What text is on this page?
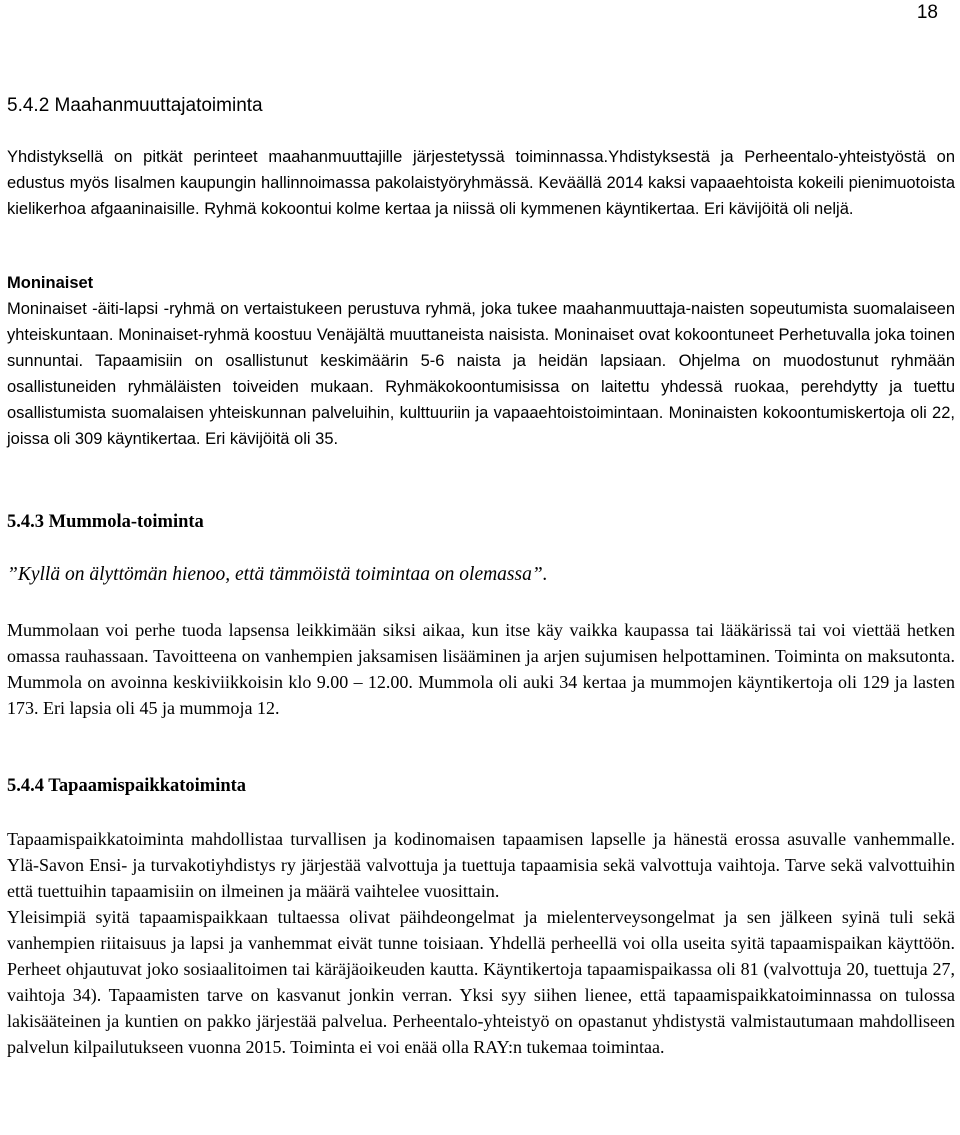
18
5.4.2 Maahanmuuttajatoiminta

Yhdistyksellä on pitkät perinteet maahanmuuttajille järjestetyssä toiminnassa.Yhdistyksestä ja Perheentalo-yhteistyöstä on edustus myös Iisalmen kaupungin hallinnoimassa pakolaistyöryhmässä. Keväällä 2014 kaksi vapaaehtoista kokeili pienimuotoista kielikerhoa afgaaninaisille. Ryhmä kokoontui kolme kertaa ja niissä oli kymmenen käyntikertaa. Eri kävijöitä oli neljä.

Moninaiset

Moninaiset -äiti-lapsi -ryhmä on vertaistukeen perustuva ryhmä, joka tukee maahanmuuttaja-naisten sopeutumista suomalaiseen yhteiskuntaan. Moninaiset-ryhmä koostuu Venäjältä muuttaneista naisista. Moninaiset ovat kokoontuneet Perhetuvalla joka toinen sunnuntai. Tapaamisiin on osallistunut keskimäärin 5-6 naista ja heidän lapsiaan. Ohjelma on muodostunut ryhmään osallistuneiden ryhmäläisten toiveiden mukaan. Ryhmäkokoontumisissa on laitettu yhdessä ruokaa, perehdytty ja tuettu osallistumista suomalaisen yhteiskunnan palveluihin, kulttuuriin ja vapaaehtoistoimintaan. Moninaisten kokoontumiskertoja oli 22, joissa oli 309 käyntikertaa. Eri kävijöitä oli 35.

5.4.3 Mummola-toiminta

”Kyllä on älyttömän hienoo, että tämmöistä toimintaa on olemassa”.

Mummolaan voi perhe tuoda lapsensa leikkimään siksi aikaa, kun itse käy vaikka kaupassa tai lääkärissä tai voi viettää hetken omassa rauhassaan. Tavoitteena on vanhempien jaksamisen lisääminen ja arjen sujumisen helpottaminen. Toiminta on maksutonta. Mummola on avoinna keskiviikkoisin klo 9.00 – 12.00. Mummola oli auki 34 kertaa ja mummojen käyntikertoja oli 129 ja lasten 173. Eri lapsia oli 45 ja mummoja 12.

5.4.4 Tapaamispaikkatoiminta

Tapaamispaikkatoiminta mahdollistaa turvallisen ja kodinomaisen tapaamisen lapselle ja hänestä erossa asuvalle vanhemmalle. Ylä-Savon Ensi- ja turvakotiyhdistys ry järjestää valvottuja ja tuettuja tapaamisia sekä valvottuja vaihtoja. Tarve sekä valvottuihin että tuettuihin tapaamisiin on ilmeinen ja määrä vaihtelee vuosittain.

Yleisimpiä syitä tapaamispaikkaan tultaessa olivat päihdeongelmat ja mielenterveysongelmat ja sen jälkeen syinä tuli sekä vanhempien riitaisuus ja lapsi ja vanhemmat eivät tunne toisiaan. Yhdellä perheellä voi olla useita syitä tapaamispaikan käyttöön. Perheet ohjautuvat joko sosiaalitoimen tai käräjäoikeuden kautta. Käyntikertoja tapaamispaikassa oli 81 (valvottuja 20, tuettuja 27, vaihtoja 34). Tapaamisten tarve on kasvanut jonkin verran. Yksi syy siihen lienee, että tapaamispaikkatoiminnassa on tulossa lakisääteinen ja kuntien on pakko järjestää palvelua. Perheentalo-yhteistyö on opastanut yhdistystä valmistautumaan mahdolliseen palvelun kilpailutukseen vuonna 2015. Toiminta ei voi enää olla RAY:n tukemaa toimintaa.
